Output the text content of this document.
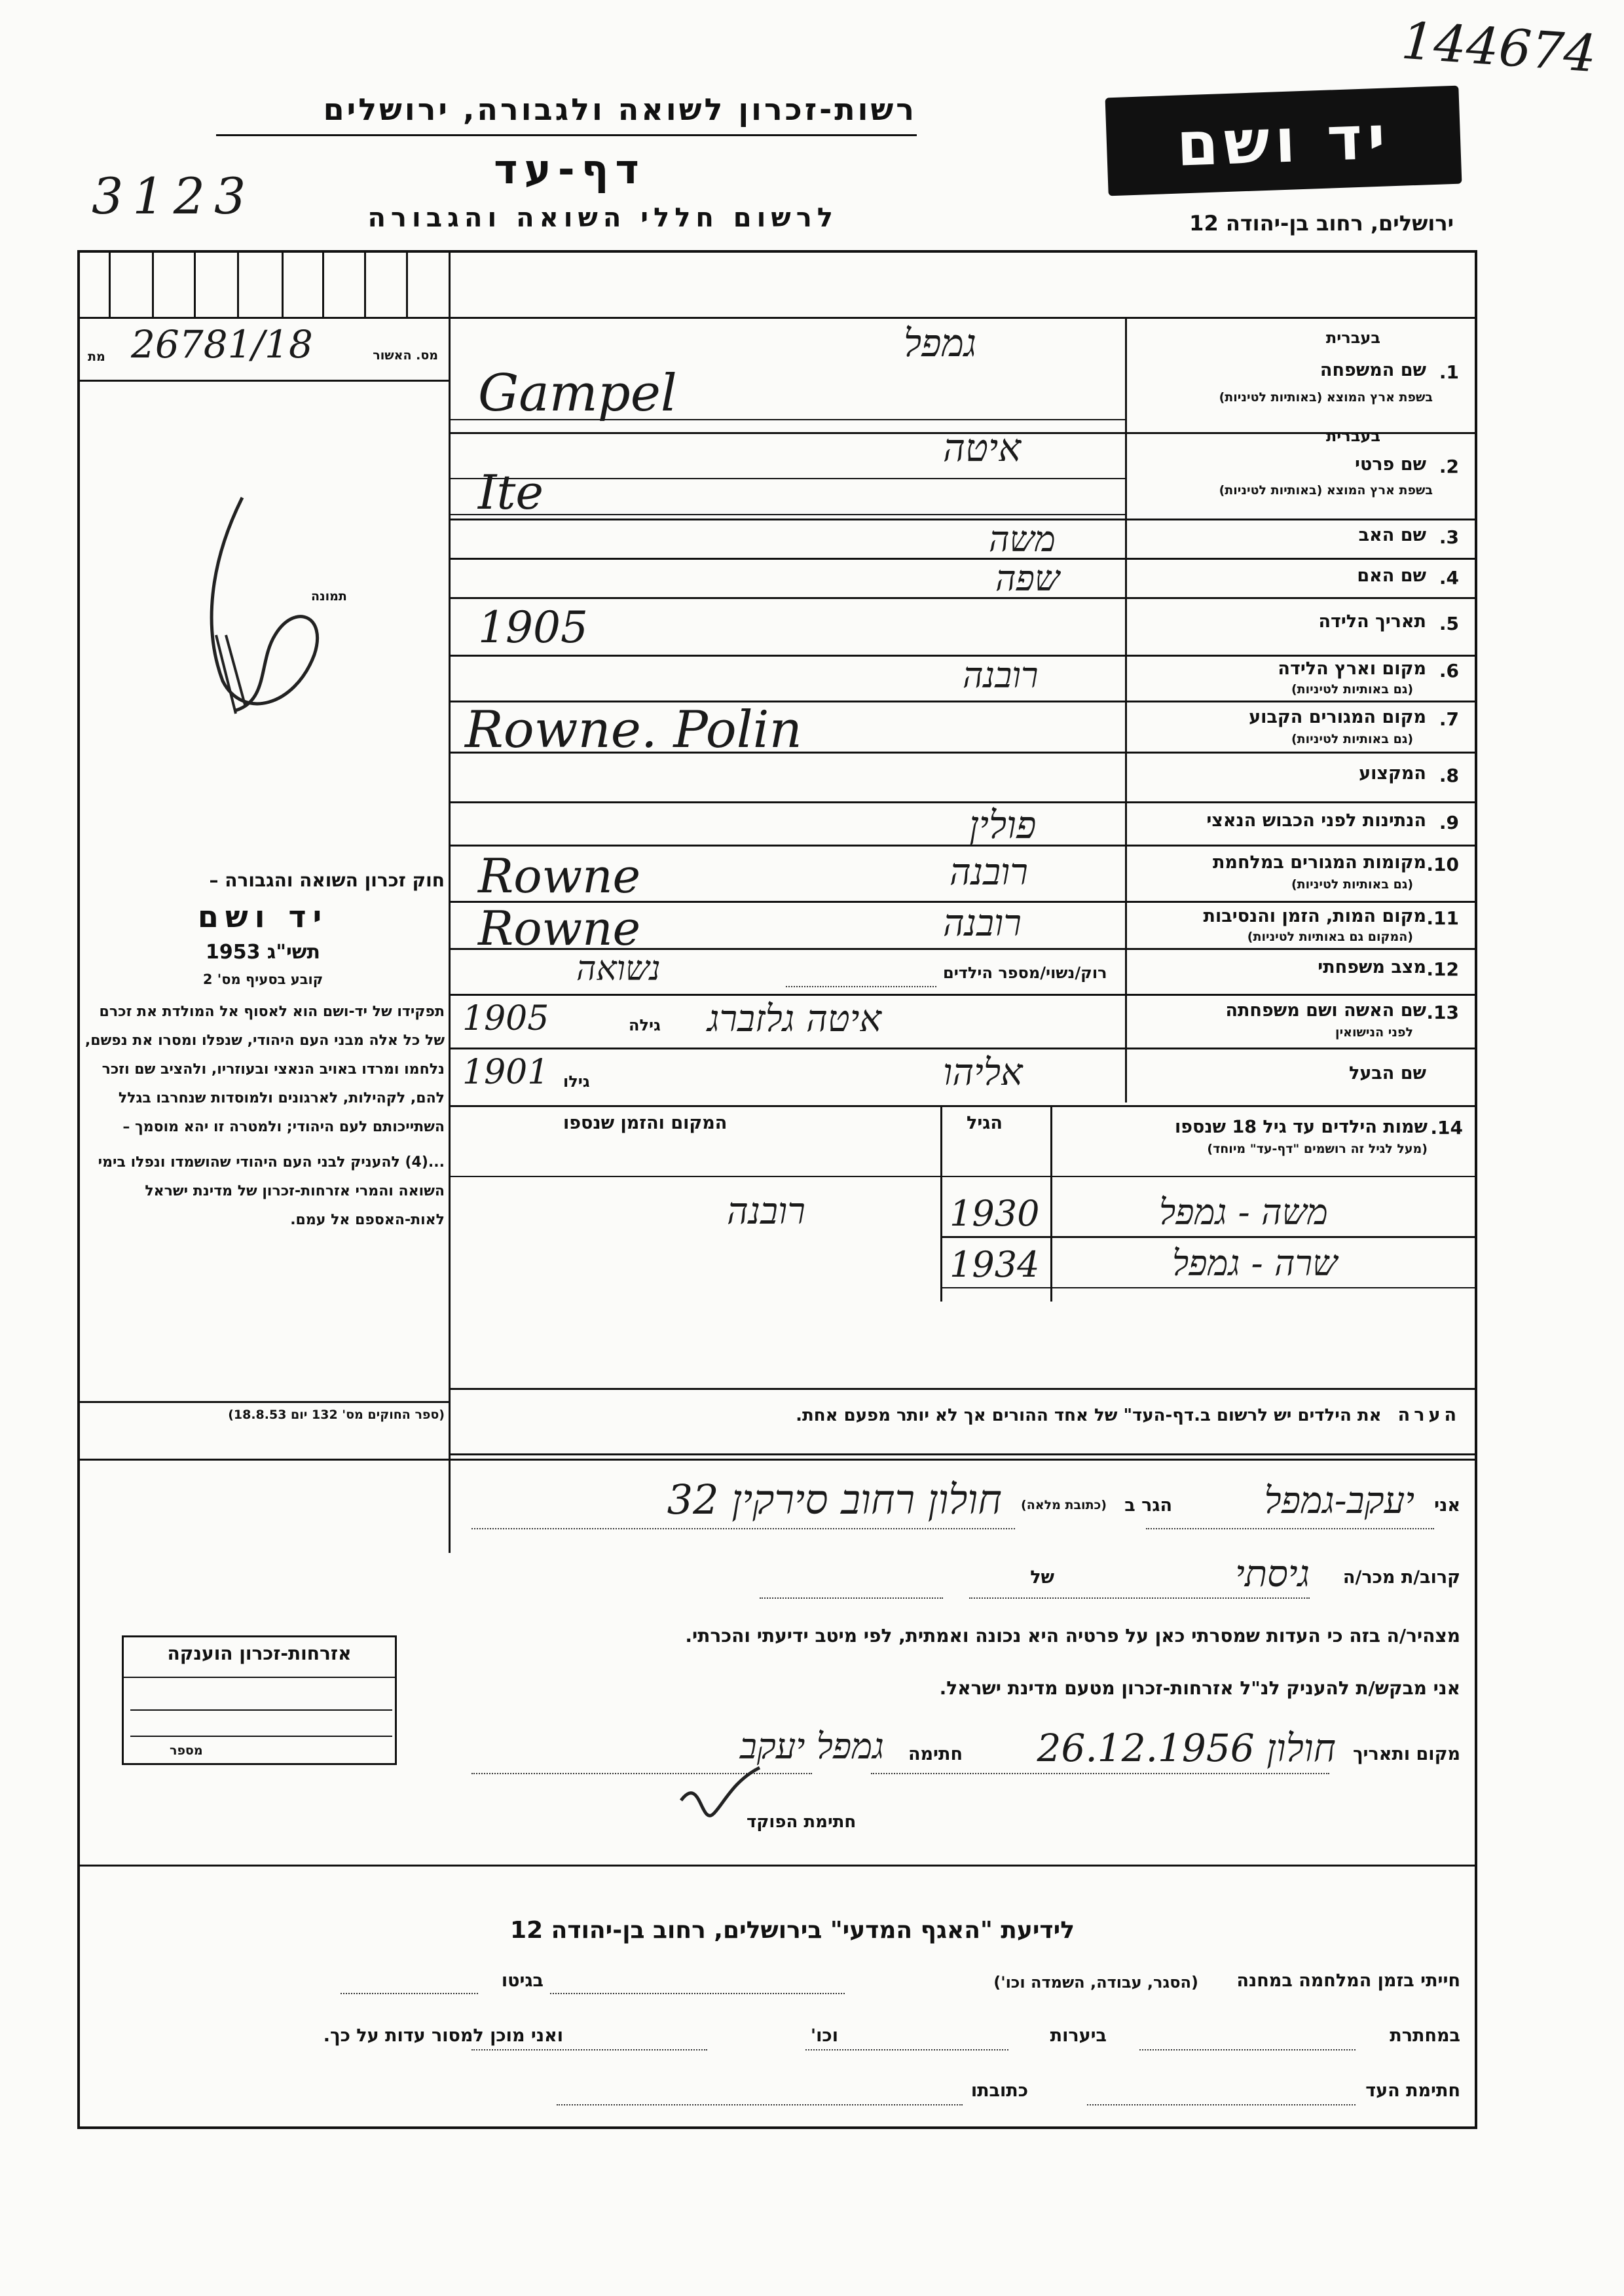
144674
רשות-זכרון לשואה ולגבורה, ירושלים
דף-עד
3123	לרשום חללי השואה והגבורה
יד ושם
ירושלים, רחוב בן-יהודה 12
מת 26781/18	מס. האשור
תמונה
חוק זכרון השואה והגבורה –
יד ושם
תשי"ג 1953
קובע בסעיף מס' 2
תפקידו של יד-ושם הוא לאסוף אל המולדת את זכרם של כל אלה מבני העם היהודי, שנפלו ומסרו את נפשם, נלחמו ומרדו באויב הנאצי ובעוזריו, ולהציב שם וזכר להם, לקהילות, לארגונים ולמוסדות שנחרבו בגלל השתייכותם לעם היהודי; ולמטרה זו יהא מוסמך –
...(4) להעניק לבני העם היהודי שהושמדו ונפלו בימי השואה והמרי אזרחות-זכרון של מדינת ישראל לאות-האספם אל עמם.
(ספר החוקים מס' 132 יום 18.8.53)
אזרחות-זכרון הוענקה
מספר
בעברית
1.
שם המשפחה
בשפת ארץ המוצא (באותיות לטיניות)
גמפל
Gampel
בעברית
2.
שם פרטי
בשפת ארץ המוצא (באותיות לטיניות)
איטה
Ite
3.
שם האב
משה
4.
שם האם
שפה
5.
תאריך הלידה
1905
6.
מקום וארץ הלידה
(גם באותיות לטיניות)
רובנה
7.
מקום המגורים הקבוע
(גם באותיות לטיניות)
Rowne. Polin
8.
המקצוע
9.
הנתינות לפני הכבוש הנאצי
פולין
10.
מקומות המגורים במלחמת
(גם באותיות לטיניות)
רובנה
Rowne
11.
מקום המות, הזמן והנסיבות
(המקום גם באותיות לטיניות)
רובנה
Rowne
12.
מצב משפחתי
רוק/נשוי/מספר הילדים
נשואה
13.
שם האשה ושם משפחתה
לפני הנישואין
איטה גלזברג
גילה
1905
שם הבעל
אליהו
גילו
1901
14.
שמות הילדים עד גיל 18 שנספו
(מעל לגיל זה רושמים "דף-עד" מיוחד)
הגיל
המקום והזמן שנספו
משה - גמפל
1930
רובנה
שרה - גמפל
1934
הערה את הילדים יש לרשום ב.דף-העד" של אחד ההורים אך לא יותר מפעם אחת.
אני
יעקב-גמפל
הגר ב
(כתובת מלאה)
חולון רחוב סירקין 32
קרוב/ת מכר/ה
גיסתי
של
מצהיר/ה בזה כי העדות שמסרתי כאן על פרטיה היא נכונה ואמתית, לפי מיטב ידיעתי והכרתי.
אני מבקש/ת להעניק לנ"ל אזרחות-זכרון מטעם מדינת ישראל.
מקום ותאריך
חולון 26.12.1956
חתימה
גמפל יעקב
חתימת הפוקד
לידיעת "האגף המדעי" בירושלים, רחוב בן-יהודה 12
חייתי בזמן המלחמה במחנה
(הסגר, עבודה, השמדה וכו')
בגיטו
במחתרת
ביערות
וכו'
ואני מוכן למסור עדות על כך.
חתימת העד
כתובתו
